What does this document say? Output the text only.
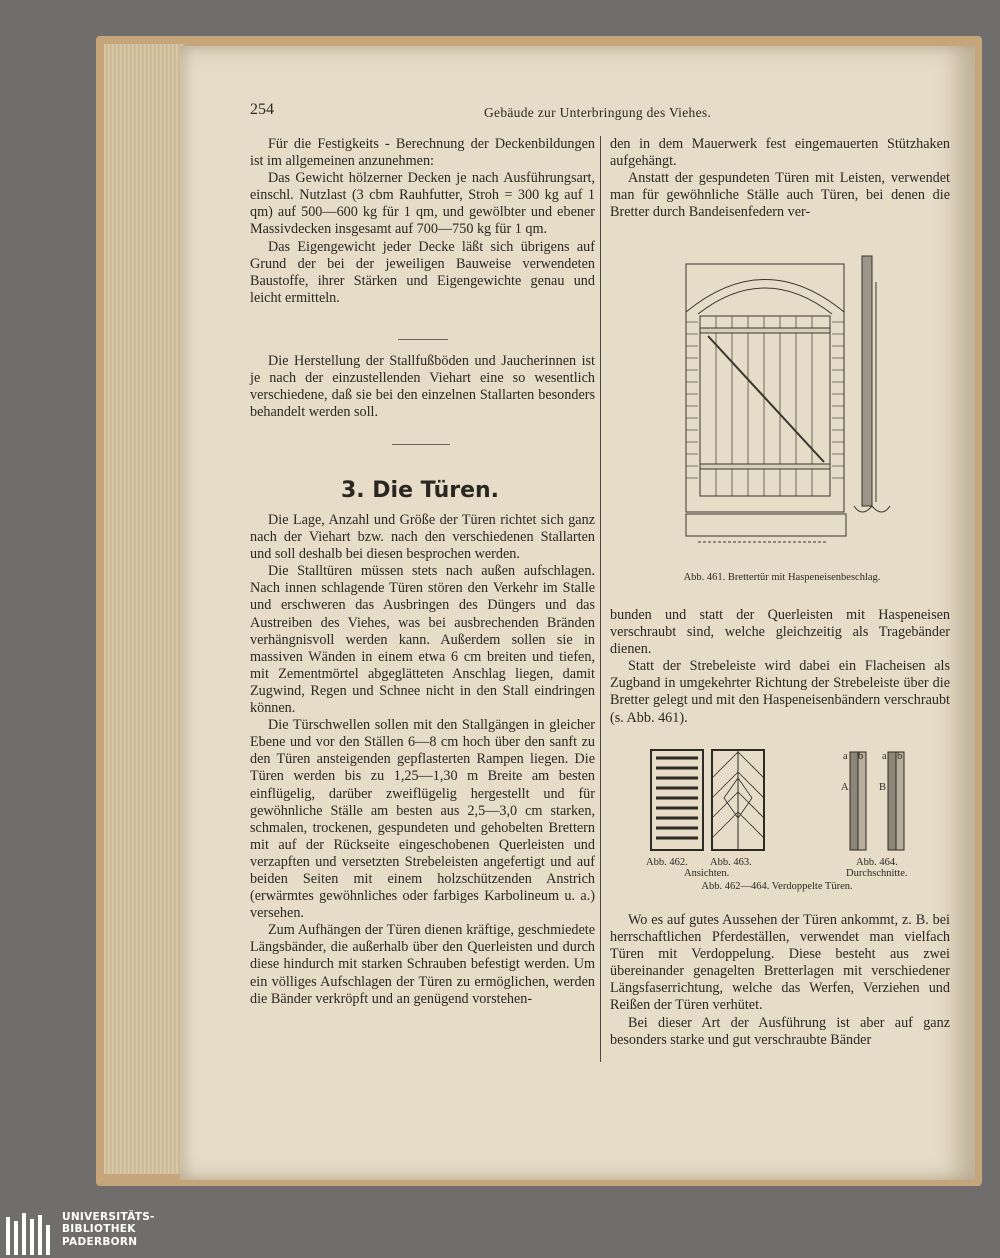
254	Gebäude zur Unterbringung des Viehes.

Für die Festigkeits - Berechnung der Deckenbildungen ist im allgemeinen anzunehmen:

Das Gewicht hölzerner Decken je nach Ausführungsart, einschl. Nutzlast (3 cbm Rauhfutter, Stroh = 300 kg auf 1 qm) auf 500—600 kg für 1 qm, und gewölbter und ebener Massivdecken insgesamt auf 700—750 kg für 1 qm.

Das Eigengewicht jeder Decke läßt sich übrigens auf Grund der bei der jeweiligen Bauweise verwendeten Baustoffe, ihrer Stärken und Eigengewichte genau und leicht ermitteln.

Die Herstellung der Stallfußböden und Jaucherinnen ist je nach der einzustellenden Viehart eine so wesentlich verschiedene, daß sie bei den einzelnen Stallarten besonders behandelt werden soll.

3. Die Türen.

Die Lage, Anzahl und Größe der Türen richtet sich ganz nach der Viehart bzw. nach den verschiedenen Stallarten und soll deshalb bei diesen besprochen werden.

Die Stalltüren müssen stets nach außen aufschlagen. Nach innen schlagende Türen stören den Verkehr im Stalle und erschweren das Ausbringen des Düngers und das Austreiben des Viehes, was bei ausbrechenden Bränden verhängnisvoll werden kann. Außerdem sollen sie in massiven Wänden in einem etwa 6 cm breiten und tiefen, mit Zementmörtel abgeglätteten Anschlag liegen, damit Zugwind, Regen und Schnee nicht in den Stall eindringen können.

Die Türschwellen sollen mit den Stallgängen in gleicher Ebene und vor den Ställen 6—8 cm hoch über den sanft zu den Türen ansteigenden gepflasterten Rampen liegen. Die Türen werden bis zu 1,25—1,30 m Breite am besten einflügelig, darüber zweiflügelig hergestellt und für gewöhnliche Ställe am besten aus 2,5—3,0 cm starken, schmalen, trockenen, gespundeten und gehobelten Brettern mit auf der Rückseite eingeschobenen Querleisten und verzapften und versetzten Strebeleisten angefertigt und auf beiden Seiten mit einem holzschützenden Anstrich (erwärmtes gewöhnliches oder farbiges Karbolineum u. a.) versehen.

Zum Aufhängen der Türen dienen kräftige, geschmiedete Längsbänder, die außerhalb über den Querleisten und durch diese hindurch mit starken Schrauben befestigt werden. Um ein völliges Aufschlagen der Türen zu ermöglichen, werden die Bänder verkröpft und an genügend vorstehen-

den in dem Mauerwerk fest eingemauerten Stützhaken aufgehängt.

Anstatt der gespundeten Türen mit Leisten, verwendet man für gewöhnliche Ställe auch Türen, bei denen die Bretter durch Bandeisenfedern ver-

Abb. 461. Brettertür mit Haspeneisenbeschlag.

bunden und statt der Querleisten mit Haspeneisen verschraubt sind, welche gleichzeitig als Tragebänder dienen.

Statt der Strebeleiste wird dabei ein Flacheisen als Zugband in umgekehrter Richtung der Strebeleiste über die Bretter gelegt und mit den Haspeneisenbändern verschraubt (s. Abb. 461).

a b
A
a b
B
Abb. 462. Abb. 463.
Ansichten.
Abb. 464.
Durchschnitte.
Abb. 462—464. Verdoppelte Türen.

Wo es auf gutes Aussehen der Türen ankommt, z. B. bei herrschaftlichen Pferdeställen, verwendet man vielfach Türen mit Verdoppelung. Diese besteht aus zwei übereinander genagelten Bretterlagen mit verschiedener Längsfaserrichtung, welche das Werfen, Verziehen und Reißen der Türen verhütet.

Bei dieser Art der Ausführung ist aber auf ganz besonders starke und gut verschraubte Bänder

UNIVERSITÄTS-
BIBLIOTHEK
PADERBORN
